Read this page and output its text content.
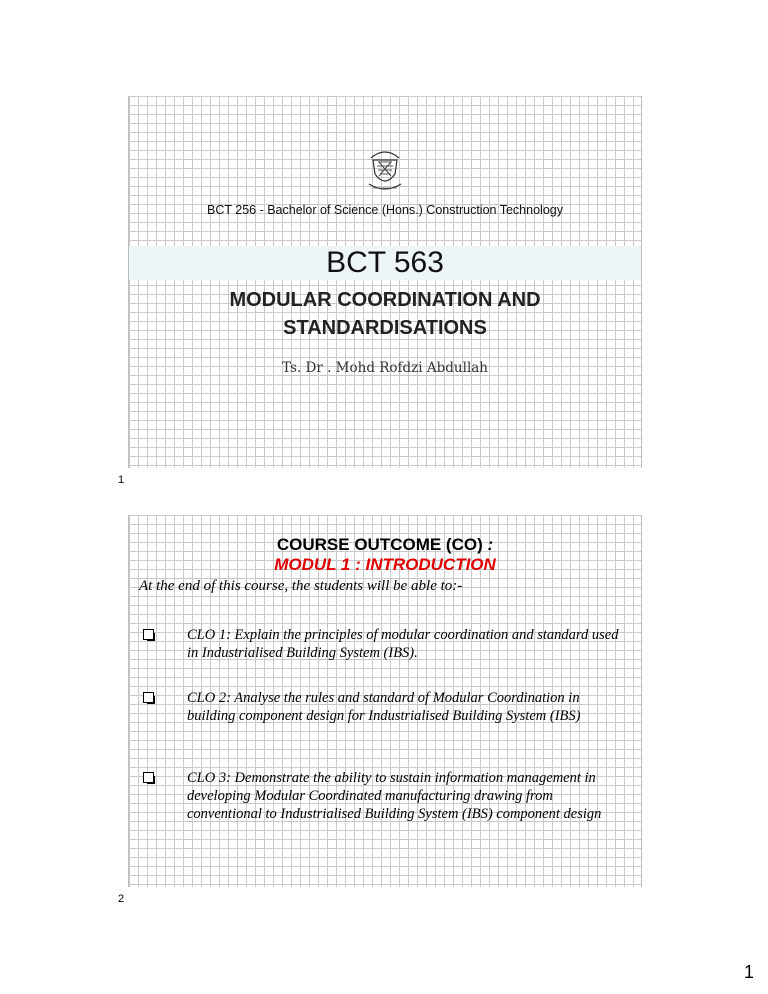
BCT 256 - Bachelor of Science (Hons.) Construction Technology
BCT 563
MODULAR COORDINATION AND
STANDARDISATIONS
Ts. Dr . Mohd Rofdzi Abdullah
1
COURSE OUTCOME (CO) :
MODUL 1 : INTRODUCTION
At the end of this course, the students will be able to:-
CLO 1: Explain the principles of modular coordination and standard used in Industrialised Building System (IBS).
CLO 2: Analyse the rules and standard of Modular Coordination in building component design for Industrialised Building System (IBS)
CLO 3: Demonstrate the ability to sustain information management in developing Modular Coordinated manufacturing drawing from conventional to Industrialised Building System (IBS) component design
2
1
